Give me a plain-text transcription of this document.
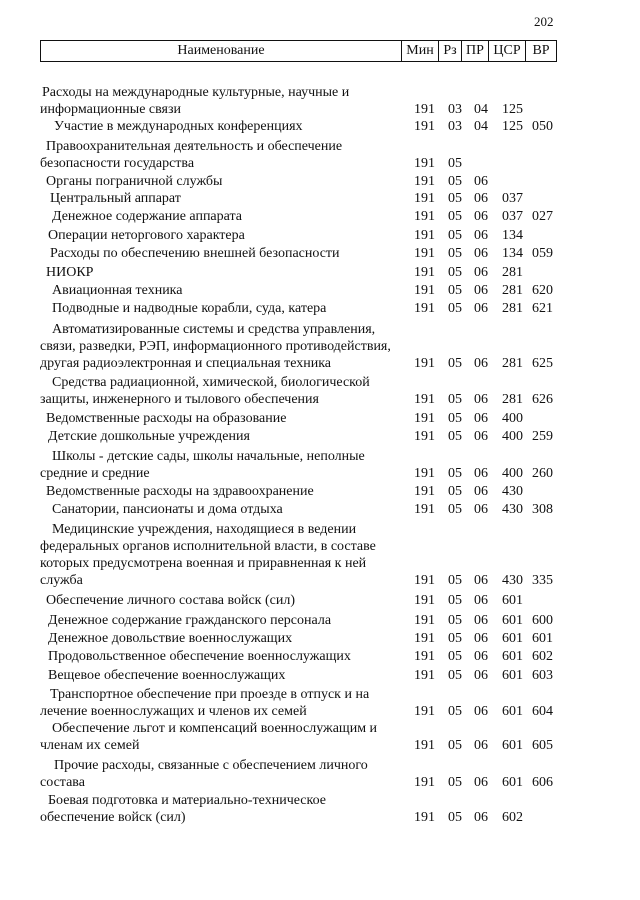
202
Наименование	Мин	Рз	ПР	ЦСР	ВР

Расходы на международные культурные, научные и информационные связи	191 03 04 125

Участие в международных конференциях	191 03 04 125 050

Правоохранительная деятельность и обеспечение безопасности государства	191 05

Органы пограничной службы	191 05 06

Центральный аппарат	191 05 06 037

Денежное содержание аппарата	191 05 06 037 027

Операции неторгового характера	191 05 06 134

Расходы по обеспечению внешней безопасности	191 05 06 134 059

НИОКР	191 05 06 281

Авиационная техника	191 05 06 281 620

Подводные и надводные корабли, суда, катера	191 05 06 281 621

Автоматизированные системы и средства управления, связи, разведки, РЭП, информационного противодействия, другая радиоэлектронная и специальная техника	191 05 06 281 625

Средства радиационной, химической, биологической защиты, инженерного и тылового обеспечения	191 05 06 281 626

Ведомственные расходы на образование	191 05 06 400

Детские дошкольные учреждения	191 05 06 400 259

Школы - детские сады, школы начальные, неполные средние и средние	191 05 06 400 260

Ведомственные расходы на здравоохранение	191 05 06 430

Санатории, пансионаты и дома отдыха	191 05 06 430 308

Медицинские учреждения, находящиеся в ведении федеральных органов исполнительной власти, в составе которых предусмотрена военная и приравненная к ней служба	191 05 06 430 335

Обеспечение личного состава войск (сил)	191 05 06 601

Денежное содержание гражданского персонала	191 05 06 601 600

Денежное довольствие военнослужащих	191 05 06 601 601

Продовольственное обеспечение военнослужащих	191 05 06 601 602

Вещевое обеспечение военнослужащих	191 05 06 601 603

Транспортное обеспечение при проезде в отпуск и на лечение военнослужащих и членов их семей	191 05 06 601 604

Обеспечение льгот и компенсаций военнослужащим и членам их семей	191 05 06 601 605

Прочие расходы, связанные с обеспечением личного состава	191 05 06 601 606

Боевая подготовка и материально-техническое обеспечение войск (сил)	191 05 06 602
